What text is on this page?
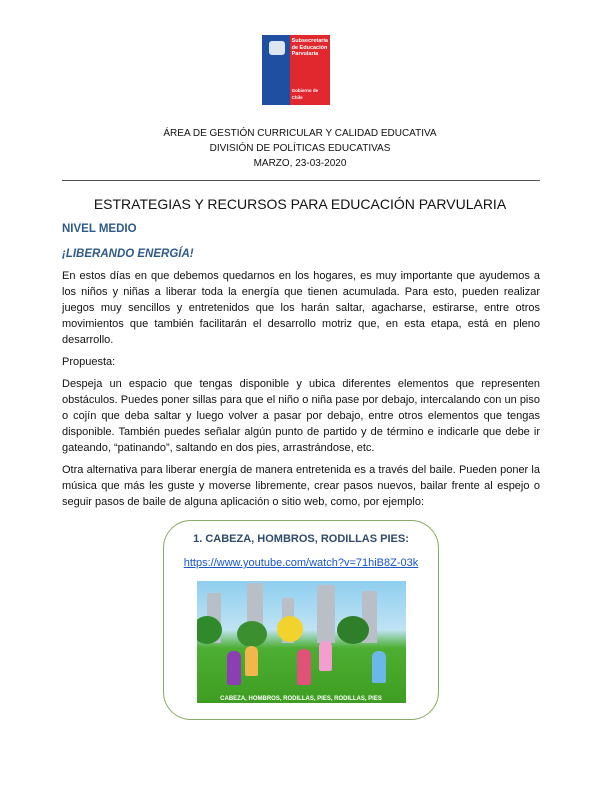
Subsecretaría
de Educación
Parvularia
Gobierno de Chile
ÁREA DE GESTIÓN CURRICULAR Y CALIDAD EDUCATIVA
DIVISIÓN DE POLÍTICAS EDUCATIVAS
MARZO, 23-03-2020
ESTRATEGIAS Y RECURSOS PARA EDUCACIÓN PARVULARIA
NIVEL MEDIO
¡LIBERANDO ENERGÍA!

En estos días en que debemos quedarnos en los hogares, es muy importante que ayudemos a los niños y niñas a liberar toda la energía que tienen acumulada. Para esto, pueden realizar juegos muy sencillos y entretenidos que los harán saltar, agacharse, estirarse, entre otros movimientos que también facilitarán el desarrollo motriz que, en esta etapa, está en pleno desarrollo.

Propuesta:

Despeja un espacio que tengas disponible y ubica diferentes elementos que representen obstáculos. Puedes poner sillas para que el niño o niña pase por debajo, intercalando con un piso o cojín que deba saltar y luego volver a pasar por debajo, entre otros elementos que tengas disponible. También puedes señalar algún punto de partido y de término e indicarle que debe ir gateando, “patinando”, saltando en dos pies, arrastrándose, etc.

Otra alternativa para liberar energía de manera entretenida es a través del baile. Pueden poner la música que más les guste y moverse libremente, crear pasos nuevos, bailar frente al espejo o seguir pasos de baile de alguna aplicación o sitio web, como, por ejemplo:

1. CABEZA, HOMBROS, RODILLAS PIES:
https://www.youtube.com/watch?v=71hiB8Z-03k
CABEZA, HOMBROS, RODILLAS, PIES, RODILLAS, PIES
